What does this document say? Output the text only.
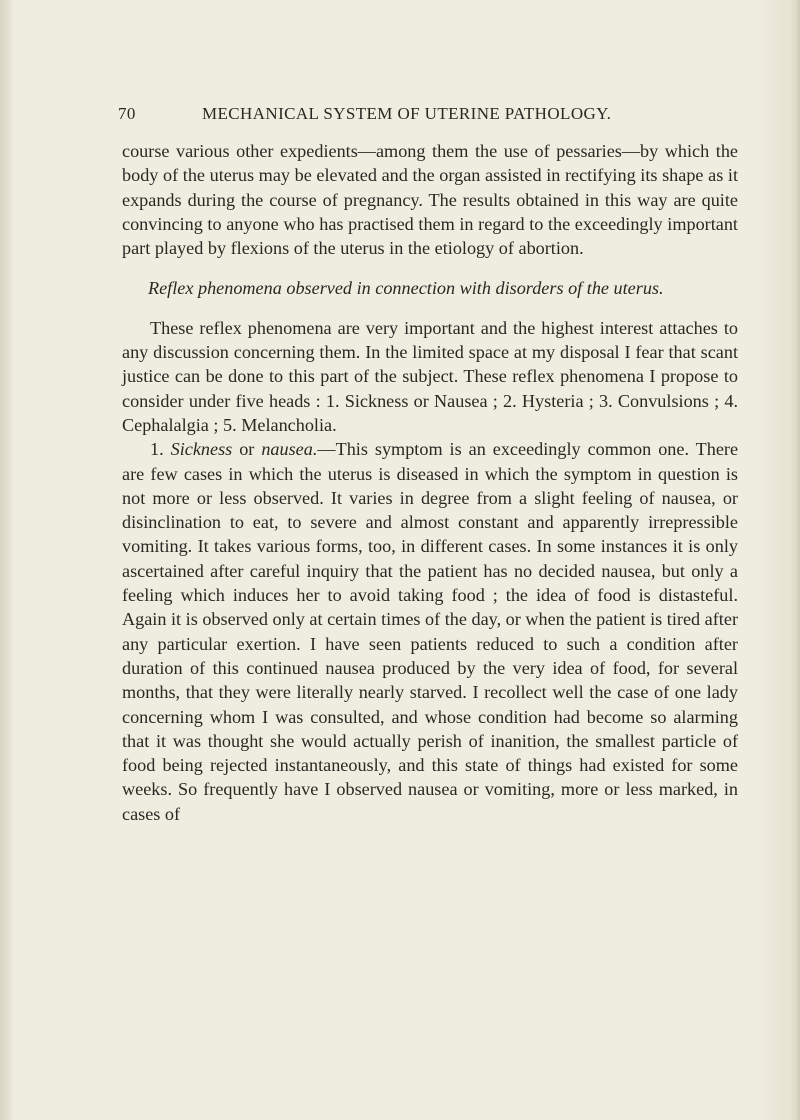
70	MECHANICAL SYSTEM OF UTERINE PATHOLOGY.

course various other expedients—among them the use of pessaries—by which the body of the uterus may be elevated and the organ assisted in rectifying its shape as it expands during the course of pregnancy. The results obtained in this way are quite convincing to anyone who has practised them in regard to the exceedingly important part played by flexions of the uterus in the etiology of abortion.

Reflex phenomena observed in connection with disorders of the uterus.

These reflex phenomena are very important and the highest interest attaches to any discussion concerning them. In the limited space at my disposal I fear that scant justice can be done to this part of the subject. These reflex phenomena I propose to consider under five heads : 1. Sickness or Nausea ; 2. Hysteria ; 3. Convulsions ; 4. Cephalalgia ; 5. Melancholia.

1. Sickness or nausea.—This symptom is an exceedingly common one. There are few cases in which the uterus is diseased in which the symptom in question is not more or less observed. It varies in degree from a slight feeling of nausea, or disinclination to eat, to severe and almost constant and apparently irrepressible vomiting. It takes various forms, too, in different cases. In some instances it is only ascertained after careful inquiry that the patient has no decided nausea, but only a feeling which induces her to avoid taking food ; the idea of food is distasteful. Again it is observed only at certain times of the day, or when the patient is tired after any particular exertion. I have seen patients reduced to such a condition after duration of this continued nausea produced by the very idea of food, for several months, that they were literally nearly starved. I recollect well the case of one lady concerning whom I was consulted, and whose condition had become so alarming that it was thought she would actually perish of inanition, the smallest particle of food being rejected instantaneously, and this state of things had existed for some weeks. So frequently have I observed nausea or vomiting, more or less marked, in cases of
